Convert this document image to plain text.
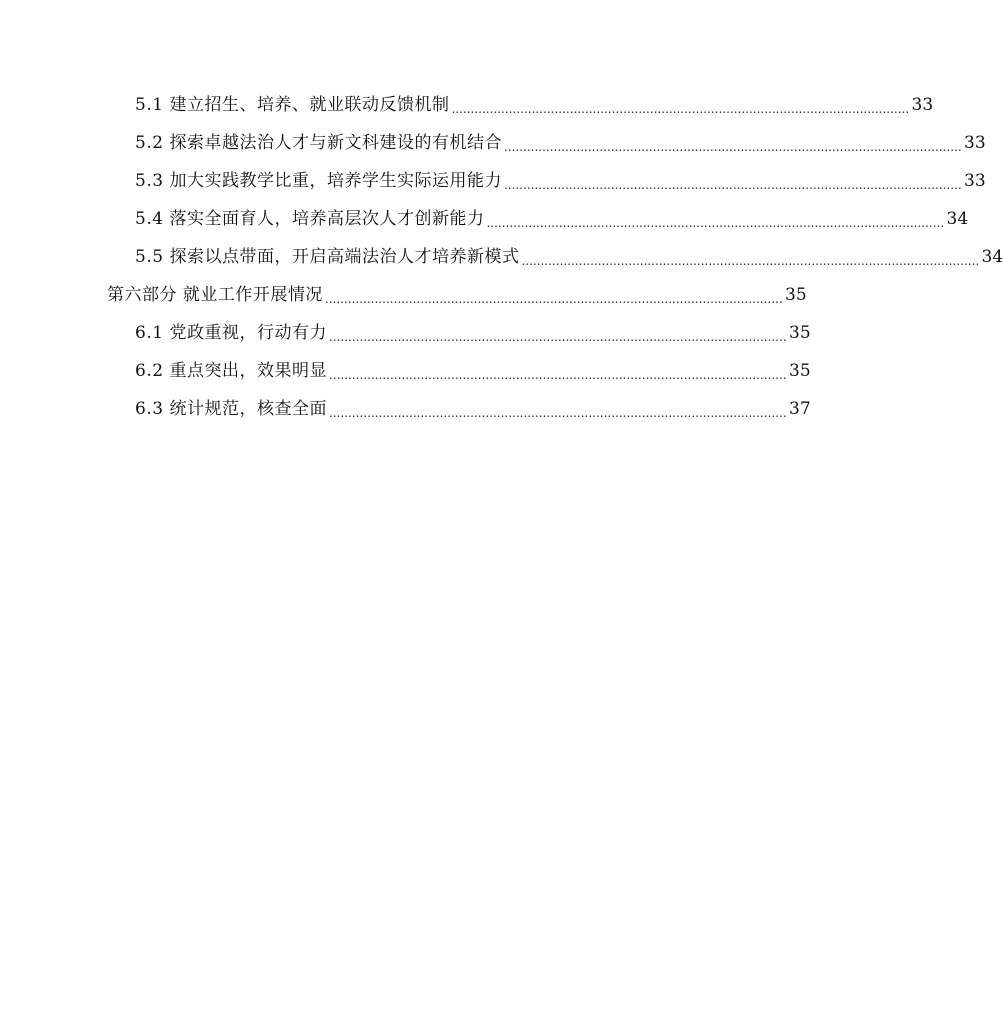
5.1 建立招生、培养、就业联动反馈机制 ........................................................................................................................ 33
5.2 探索卓越法治人才与新文科建设的有机结合 ........................................................................................................................ 33
5.3 加大实践教学比重，培养学生实际运用能力 ........................................................................................................................ 33
5.4 落实全面育人，培养高层次人才创新能力 ........................................................................................................................ 34
5.5 探索以点带面，开启高端法治人才培养新模式 ........................................................................................................................ 34
第六部分 就业工作开展情况 ........................................................................................................................ 35
6.1 党政重视，行动有力 ........................................................................................................................ 35
6.2 重点突出，效果明显 ........................................................................................................................ 35
6.3 统计规范，核查全面 ........................................................................................................................ 37
